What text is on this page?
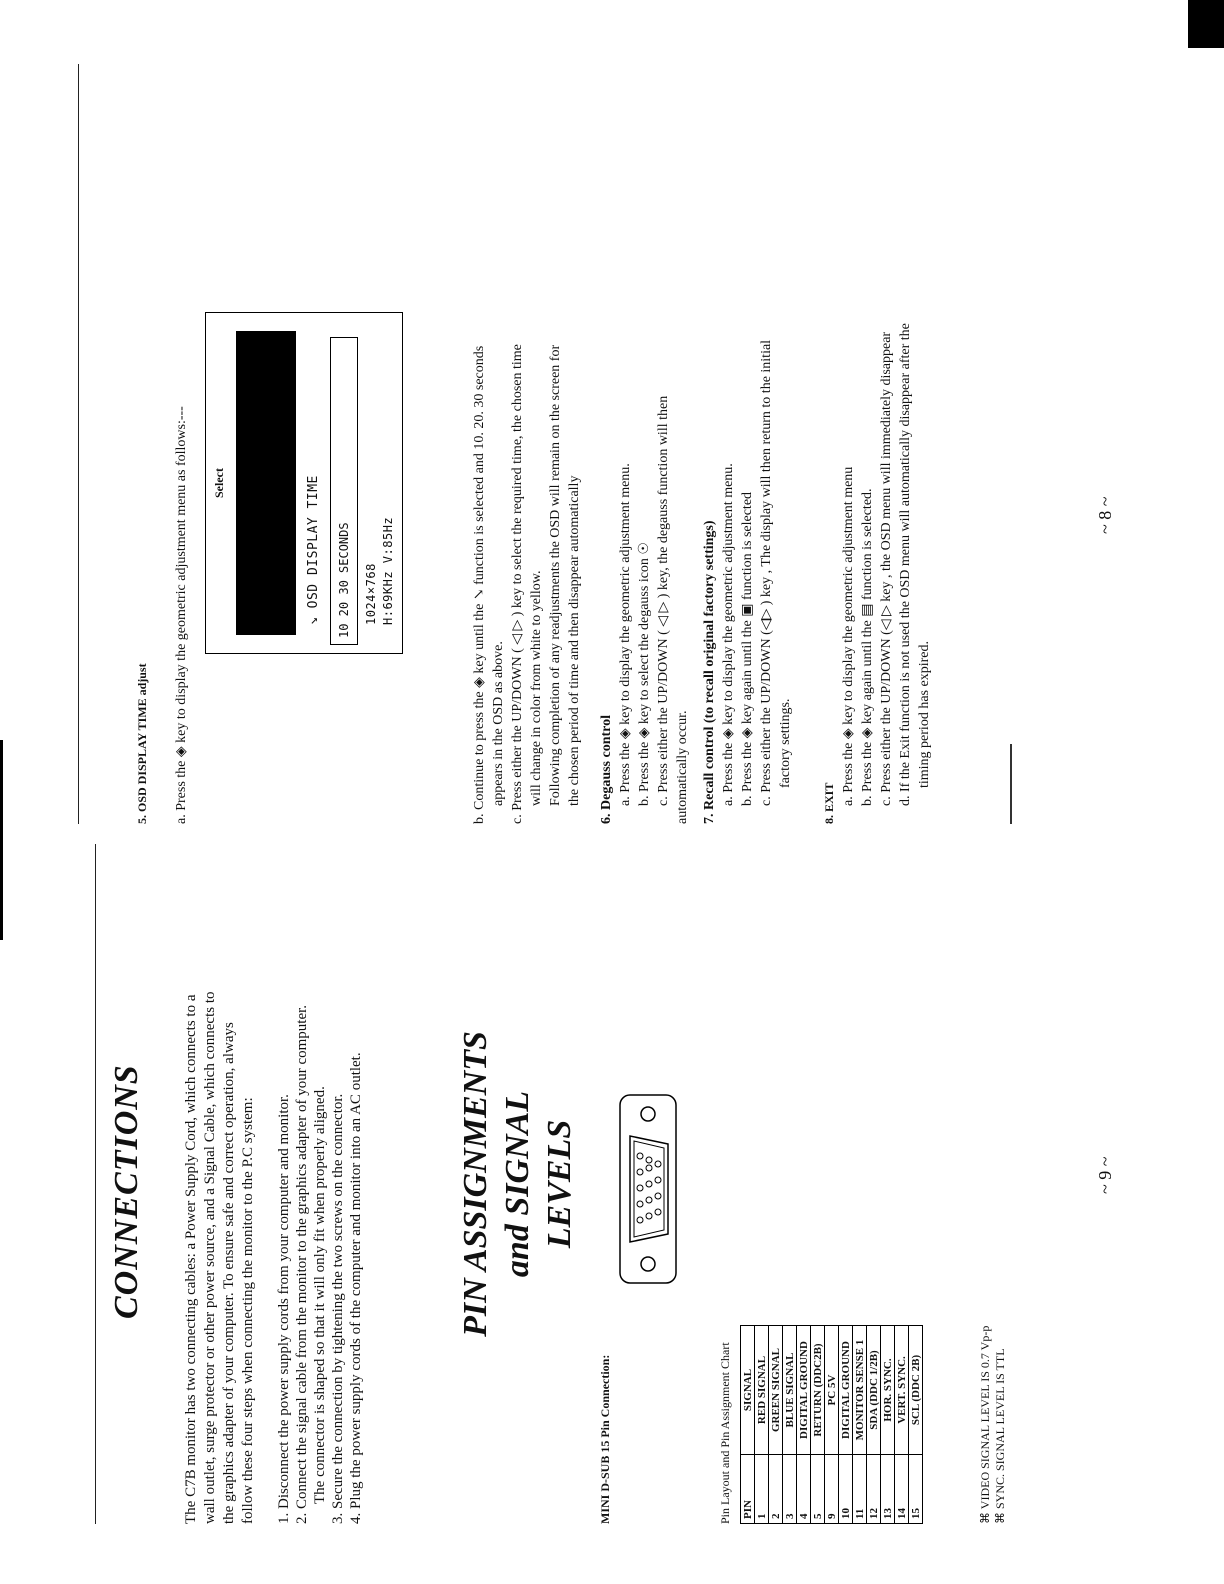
CONNECTIONS	The C7B monitor has two connecting cables: a Power Supply Cord, which connects to a wall outlet, surge protector or other power source, and a Signal Cable, which connects to the graphics adapter of your computer. To ensure safe and correct operation, always follow these four steps when connecting the monitor to the P.C system: 1. Disconnect the power supply cords from your computer and monitor. 2. Connect the signal cable from the monitor to the graphics adapter of your computer. The connector is shaped so that it will only fit when properly aligned. 3. Secure the connection by tightening the two screws on the connector. 4. Plug the power supply cords of the computer and monitor into an AC outlet.	PIN ASSIGNMENTS and SIGNAL LEVELS
MINI D-SUB 15 Pin Connection:	Pin Layout and Pin Assignment Chart PIN	SIGNAL
1	RED SIGNAL
2	GREEN SIGNAL
3	BLUE SIGNAL
4	DIGITAL GROUND
5	RETURN (DDC2B)
9	PC 5V
10	DIGITAL GROUND
11	MONITOR SENSE 1
12	SDA (DDC 1/2B)
13	HOR. SYNC.
14	VERT. SYNC.
15	SCL (DDC 2B)	⌘ VIDEO SIGNAL LEVEL IS 0.7 Vp-p ⌘ SYNC. SIGNAL LEVEL IS TTL
~ 9 ~
5. OSD DISPLAY TIME adjust a. Press the ◈ key to display the geometric adjustment menu as follows:---	Select	↘ OSD DISPLAY TIME	10 20 30 SECONDS	1024×768 H:69KHz V:85Hz	b. Continue to press the ◈ key until the ↘ function is selected and 10. 20. 30 seconds appears in the OSD as above. c. Press either the UP/DOWN ( ◁ ▷ ) key to select the required time, the chosen time will change in color from white to yellow. Following completion of any readjustments the OSD will remain on the screen for the chosen period of time and then disappear automatically 6. Degauss control a. Press the ◈ key to display the geometric adjustment menu. b. Press the ◈ key to select the degauss icon ☉ c. Press either the UP/DOWN ( ◁ ▷ ) key, the degauss function will then automatically occur. 7. Recall control (to recall original factory settings) a. Press the ◈ key to display the geometric adjustment menu. b. Press the ◈ key again until the ▣ function is selected c. Press either the UP/DOWN (◁▷ ) key , The display will then return to the initial factory settings.
8. EXIT a. Press the ◈ key to display the geometric adjustment menu b. Press the ◈ key again until the ▤ function is selected. c. Press either the UP/DOWN (◁ ▷ key , the OSD menu will immediately disappear d. If the Exit function is not used the OSD menu will automatically disappear after the timing period has expired.
~ 8 ~
